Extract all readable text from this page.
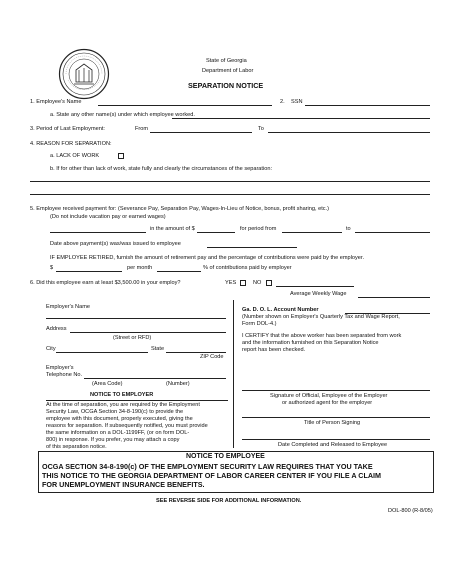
State of Georgia
Department of Labor
SEPARATION NOTICE
1. Employee's Name	2. SSN
a. State any other name(s) under which employee worked.
3. Period of Last Employment:	From	To
4. REASON FOR SEPARATION:
a. LACK OF WORK
b. If for other than lack of work, state fully and clearly the circumstances of the separation:
5. Employee received payment for: (Severance Pay, Separation Pay, Wages-In-Lieu of Notice, bonus, profit sharing, etc.)
(Do not include vacation pay or earned wages)
in the amount of $	for period from	to
Date above payment(s) was/was issued to employee
IF EMPLOYEE RETIRED, furnish the amount of retirement pay and the percentage of contributions were paid by the employer.
$	per month	% of contributions paid by employer
6. Did this employee earn at least $3,500.00 in your employ?	YES	NO
Average Weekly Wage
Employer's Name
Address
(Street or RFD)
City	State
ZIP Code
Employer's
Telephone No.
(Area Code)	(Number)
Ga. D. O. L. Account Number
(Number shown on Employer's Quarterly Tax and Wage Report,
Form DOL-4.)
I CERTIFY that the above worker has been separated from work
and the information furnished on this Separation Notice
report has been checked.
Signature of Official, Employee of the Employer
or authorized agent for the employer
Title of Person Signing
Date Completed and Released to Employee
NOTICE TO EMPLOYER
At the time of separation, you are required by the Employment
Security Law, OCGA Section 34-8-190(c) to provide the
employee with this document, properly executed, giving the
reasons for separation. If subsequently notified, you must provide
the same information on a DOL-1199FF, (or on form DOL-
800) in response. If you prefer, you may attach a copy
of this separation notice.
NOTICE TO EMPLOYEE
OCGA SECTION 34-8-190(c) OF THE EMPLOYMENT SECURITY LAW REQUIRES THAT YOU TAKE
THIS NOTICE TO THE GEORGIA DEPARTMENT OF LABOR CAREER CENTER IF YOU FILE A CLAIM
FOR UNEMPLOYMENT INSURANCE BENEFITS.
SEE REVERSE SIDE FOR ADDITIONAL INFORMATION.
DOL-800 (R-8/05)
